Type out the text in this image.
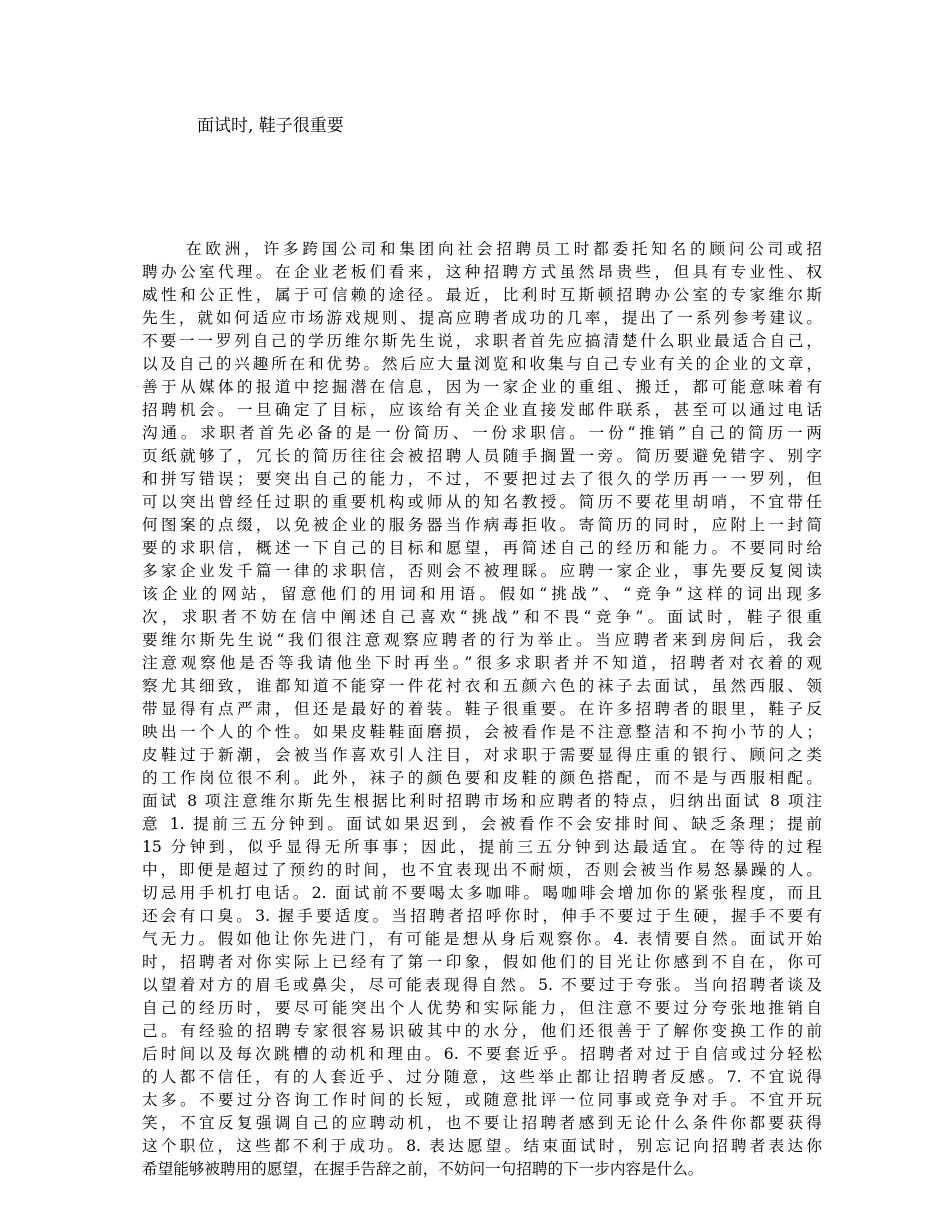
面试时, 鞋子很重要
在欧洲，许多跨国公司和集团向社会招聘员工时都委托知名的顾问公司或招
聘办公室代理。在企业老板们看来，这种招聘方式虽然昂贵些，但具有专业性、权
威性和公正性，属于可信赖的途径。最近，比利时互斯顿招聘办公室的专家维尔斯
先生，就如何适应市场游戏规则、提高应聘者成功的几率，提出了一系列参考建议。
不要一一罗列自己的学历维尔斯先生说，求职者首先应搞清楚什么职业最适合自己，
以及自己的兴趣所在和优势。然后应大量浏览和收集与自己专业有关的企业的文章，
善于从媒体的报道中挖掘潜在信息，因为一家企业的重组、搬迁，都可能意味着有
招聘机会。一旦确定了目标，应该给有关企业直接发邮件联系，甚至可以通过电话
沟通。求职者首先必备的是一份简历、一份求职信。一份“推销”自己的简历一两
页纸就够了，冗长的简历往往会被招聘人员随手搁置一旁。简历要避免错字、别字
和拼写错误；要突出自己的能力，不过，不要把过去了很久的学历再一一罗列，但
可以突出曾经任过职的重要机构或师从的知名教授。简历不要花里胡哨，不宜带任
何图案的点缀，以免被企业的服务器当作病毒拒收。寄简历的同时，应附上一封简
要的求职信，概述一下自己的目标和愿望，再简述自己的经历和能力。不要同时给
多家企业发千篇一律的求职信，否则会不被理睬。应聘一家企业，事先要反复阅读
该企业的网站，留意他们的用词和用语。假如“挑战”、“竞争”这样的词出现多
次，求职者不妨在信中阐述自己喜欢“挑战”和不畏“竞争”。面试时，鞋子很重
要维尔斯先生说“我们很注意观察应聘者的行为举止。当应聘者来到房间后，我会
注意观察他是否等我请他坐下时再坐。”很多求职者并不知道，招聘者对衣着的观
察尤其细致，谁都知道不能穿一件花衬衣和五颜六色的袜子去面试，虽然西服、领
带显得有点严肃，但还是最好的着装。鞋子很重要。在许多招聘者的眼里，鞋子反
映出一个人的个性。如果皮鞋鞋面磨损，会被看作是不注意整洁和不拘小节的人；
皮鞋过于新潮，会被当作喜欢引人注目，对求职于需要显得庄重的银行、顾问之类
的工作岗位很不利。此外，袜子的颜色要和皮鞋的颜色搭配，而不是与西服相配。
面试 8 项注意维尔斯先生根据比利时招聘市场和应聘者的特点，归纳出面试 8 项注
意 1. 提前三五分钟到。面试如果迟到，会被看作不会安排时间、缺乏条理；提前
15 分钟到，似乎显得无所事事；因此，提前三五分钟到达最适宜。在等待的过程
中，即便是超过了预约的时间，也不宜表现出不耐烦，否则会被当作易怒暴躁的人。
切忌用手机打电话。2. 面试前不要喝太多咖啡。喝咖啡会增加你的紧张程度，而且
还会有口臭。3. 握手要适度。当招聘者招呼你时，伸手不要过于生硬，握手不要有
气无力。假如他让你先进门，有可能是想从身后观察你。4. 表情要自然。面试开始
时，招聘者对你实际上已经有了第一印象，假如他们的目光让你感到不自在，你可
以望着对方的眉毛或鼻尖，尽可能表现得自然。5. 不要过于夸张。当向招聘者谈及
自己的经历时，要尽可能突出个人优势和实际能力，但注意不要过分夸张地推销自
己。有经验的招聘专家很容易识破其中的水分，他们还很善于了解你变换工作的前
后时间以及每次跳槽的动机和理由。6. 不要套近乎。招聘者对过于自信或过分轻松
的人都不信任，有的人套近乎、过分随意，这些举止都让招聘者反感。7. 不宜说得
太多。不要过分咨询工作时间的长短，或随意批评一位同事或竞争对手。不宜开玩
笑，不宜反复强调自己的应聘动机，也不要让招聘者感到无论什么条件你都要获得
这个职位，这些都不利于成功。8. 表达愿望。结束面试时，别忘记向招聘者表达你
希望能够被聘用的愿望，在握手告辞之前，不妨问一句招聘的下一步内容是什么。
